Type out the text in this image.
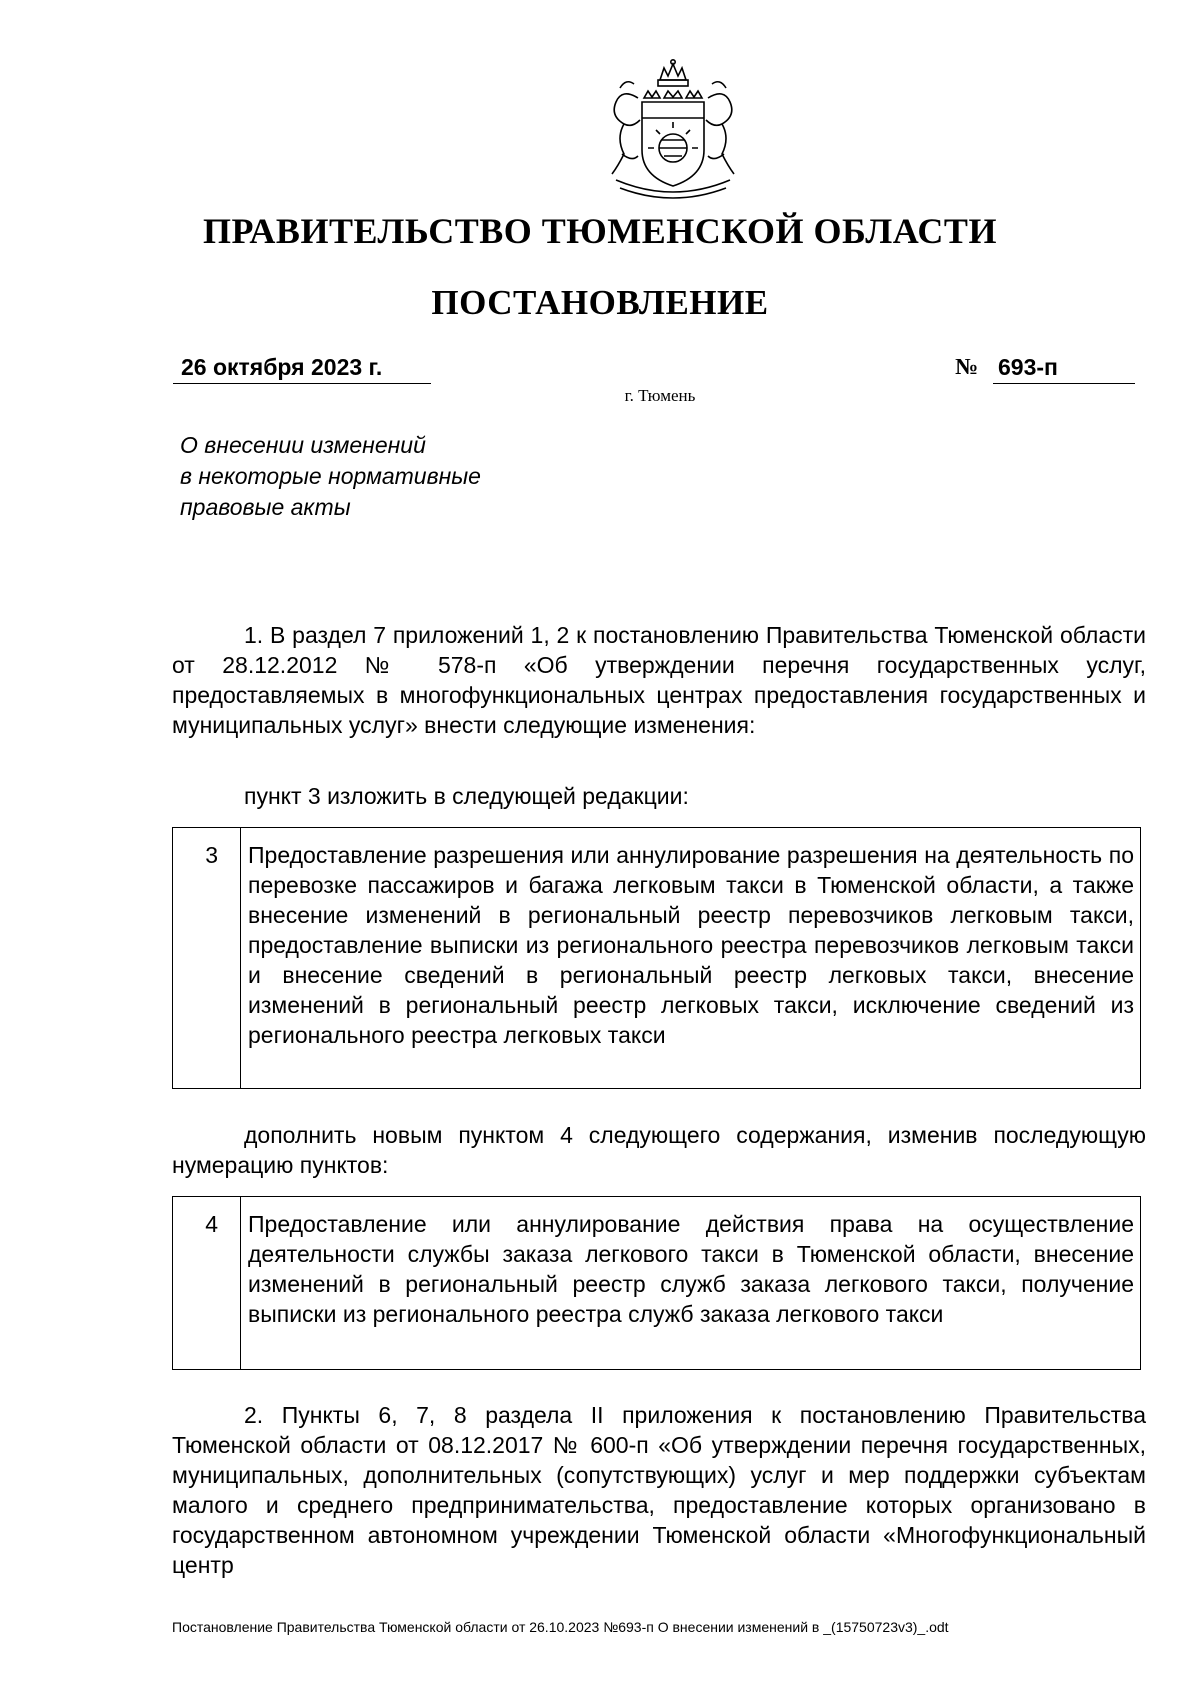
ПРАВИТЕЛЬСТВО ТЮМЕНСКОЙ ОБЛАСТИ
ПОСТАНОВЛЕНИЕ
26 октября 2023 г.	№ 693-п
г. Тюмень
О внесении изменений
в некоторые нормативные
правовые акты
1. В раздел 7 приложений 1, 2 к постановлению Правительства Тюменской области от 28.12.2012 № 578-п «Об утверждении перечня государственных услуг, предоставляемых в многофункциональных центрах предоставления государственных и муниципальных услуг» внести следующие изменения:
пункт 3 изложить в следующей редакции:
3	Предоставление разрешения или аннулирование разрешения на деятельность по перевозке пассажиров и багажа легковым такси в Тюменской области, а также внесение изменений в региональный реестр перевозчиков легковым такси, предоставление выписки из регионального реестра перевозчиков легковым такси и внесение сведений в региональный реестр легковых такси, внесение изменений в региональный реестр легковых такси, исключение сведений из регионального реестра легковых такси
дополнить новым пунктом 4 следующего содержания, изменив последующую нумерацию пунктов:
4	Предоставление или аннулирование действия права на осуществление деятельности службы заказа легкового такси в Тюменской области, внесение изменений в региональный реестр служб заказа легкового такси, получение выписки из регионального реестра служб заказа легкового такси
2. Пункты 6, 7, 8 раздела II приложения к постановлению Правительства Тюменской области от 08.12.2017 № 600-п «Об утверждении перечня государственных, муниципальных, дополнительных (сопутствующих) услуг и мер поддержки субъектам малого и среднего предпринимательства, предоставление которых организовано в государственном автономном учреждении Тюменской области «Многофункциональный центр
Постановление Правительства Тюменской области от 26.10.2023 №693-п О внесении изменений в _(15750723v3)_.odt
